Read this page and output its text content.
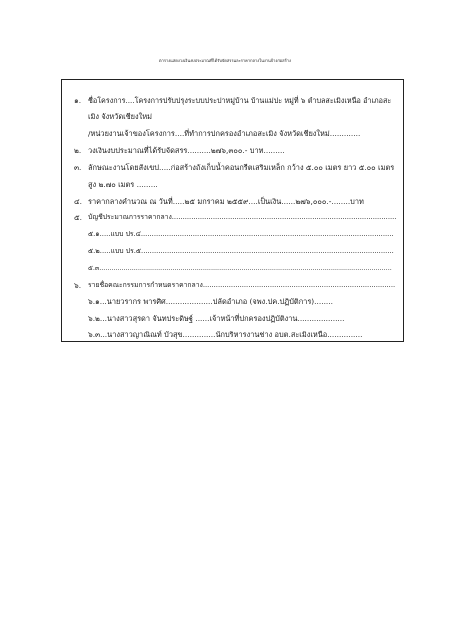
ตารางแสดงวงเงินงบประมาณที่ได้รับจัดสรรและราคากลางในงานจ้างก่อสร้าง
๑. ชื่อโครงการ....โครงการปรับปรุงระบบประปาหมู่บ้าน บ้านแม่ปะ หมู่ที่ ๖ ตำบลสะเมิงเหนือ อำเภอสะ
เมิง จังหวัดเชียงใหม่
/หน่วยงานเจ้าของโครงการ....ที่ทำการปกครองอำเภอสะเมิง จังหวัดเชียงใหม่.............
๒. วงเงินงบประมาณที่ได้รับจัดสรร..........๒๗๖,๓๐๐.- บาท.........
๓. ลักษณะงานโดยสังเขป.....ก่อสร้างถังเก็บน้ำคอนกรีตเสริมเหล็ก กว้าง ๕.๐๐ เมตร ยาว ๕.๐๐ เมตร
สูง ๒.๗๐ เมตร .........
๔. ราคากลางคำนวณ ณ วันที่.....๒๕ มกราคม ๒๕๕๙....เป็นเงิน......๒๗๖,๐๐๐.-........บาท
๕. บัญชีประมาณการราคากลาง........................................................................................................
๕.๑.....แบบ ปร.๔.....................................................................................................................
๕.๒.....แบบ ปร.๕.....................................................................................................................
๕.๓................................................................................................................................................
๖. รายชื่อคณะกรรมการกำหนดราคากลาง.........................................................................................
๖.๑...นายวรากร พารศิศ....................ปลัดอำเภอ (จพง.ปค.ปฏิบัติการ)........
๖.๒...นางสาวสุรดา จันทประดิษฐ์ ......เจ้าหน้าที่ปกครองปฏิบัติงาน....................
๖.๓...นางสาวญาณิณท์ บัวสุข..............นักบริหารงานช่าง อบต.สะเมิงเหนือ...............
